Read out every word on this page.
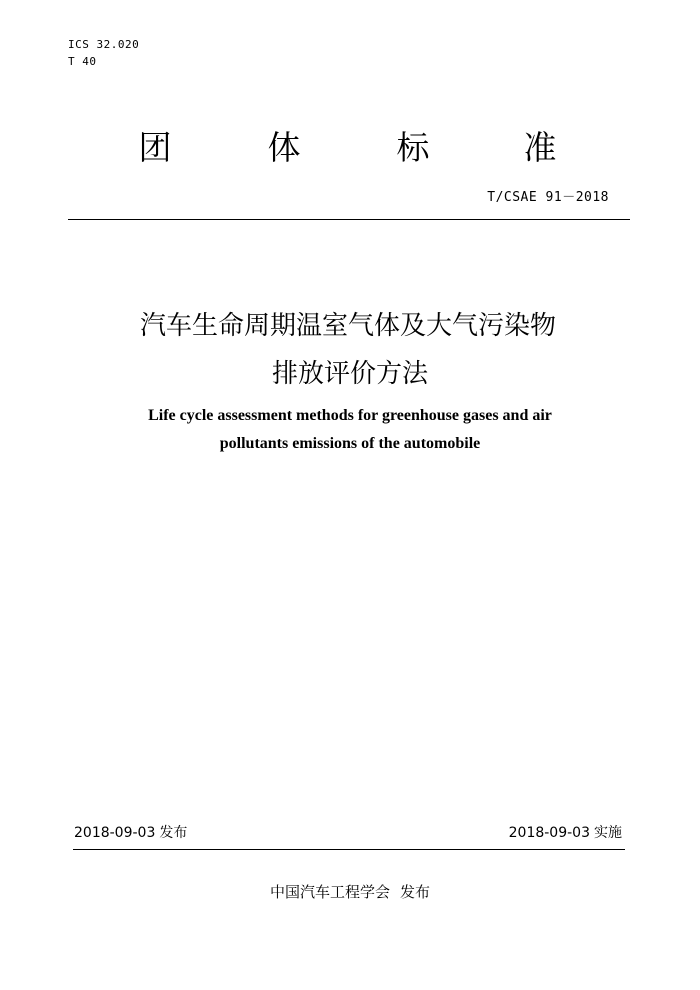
ICS 32.020
T 40
团	体	标	准
T/CSAE 91－2018
汽车生命周期温室气体及大气污染物
排放评价方法
Life cycle assessment methods for greenhouse gases and air
pollutants emissions of the automobile
2018-09-03 发布	2018-09-03 实施
中国汽车工程学会 发布
